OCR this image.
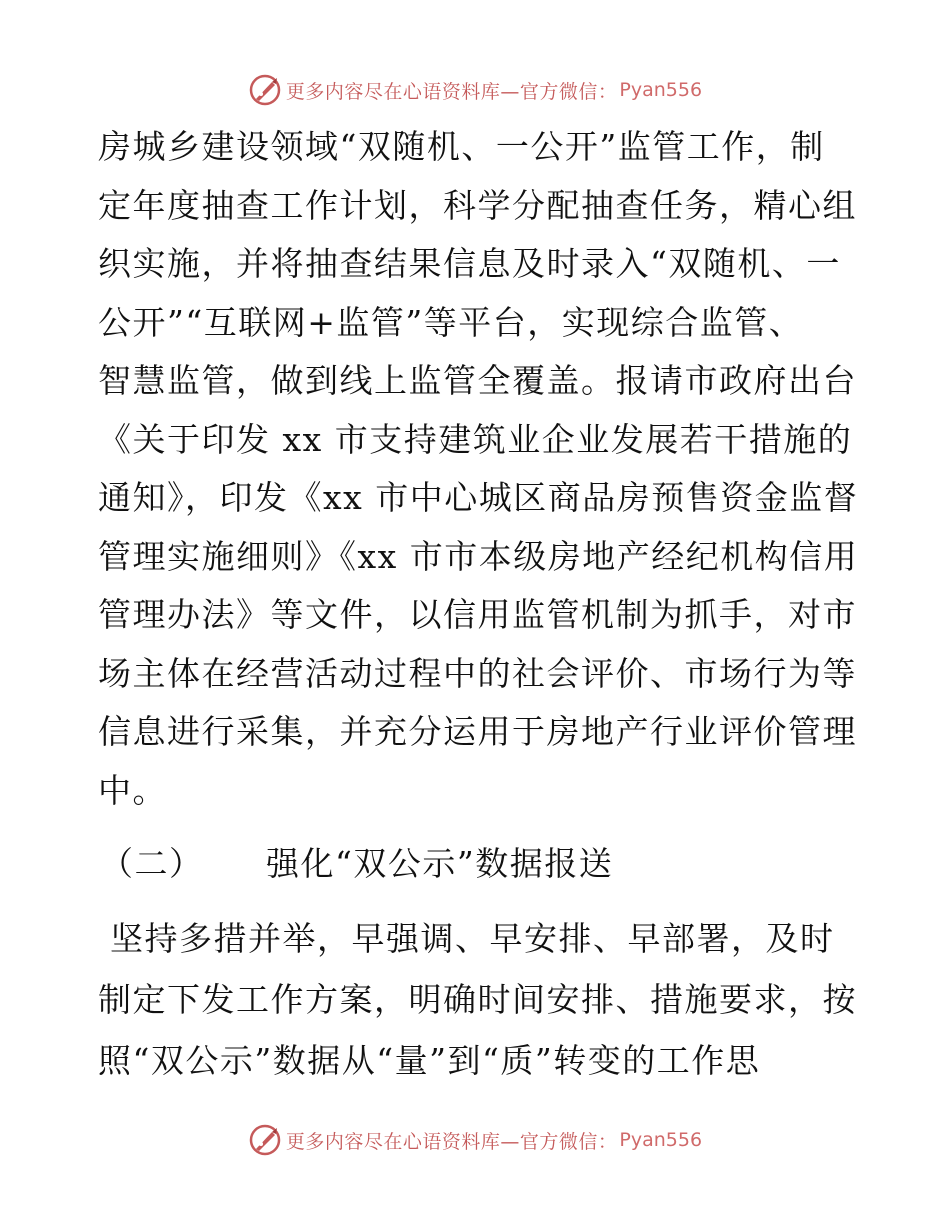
更多内容尽在心语资料库—官方微信： Pyan556
房城乡建设领域“双随机、一公开”监管工作，制
定年度抽查工作计划，科学分配抽查任务，精心组
织实施，并将抽查结果信息及时录入“双随机、一
公开”“互联网+监管”等平台，实现综合监管、
智慧监管，做到线上监管全覆盖。报请市政府出台
《关于印发 xx 市支持建筑业企业发展若干措施的
通知》，印发《xx 市中心城区商品房预售资金监督
管理实施细则》《xx 市市本级房地产经纪机构信用
管理办法》等文件，以信用监管机制为抓手，对市
场主体在经营活动过程中的社会评价、市场行为等
信息进行采集，并充分运用于房地产行业评价管理
中。
（二） 强化“双公示”数据报送
坚持多措并举，早强调、早安排、早部署，及时
制定下发工作方案，明确时间安排、措施要求，按
照“双公示”数据从“量”到“质”转变的工作思
更多内容尽在心语资料库—官方微信： Pyan556
